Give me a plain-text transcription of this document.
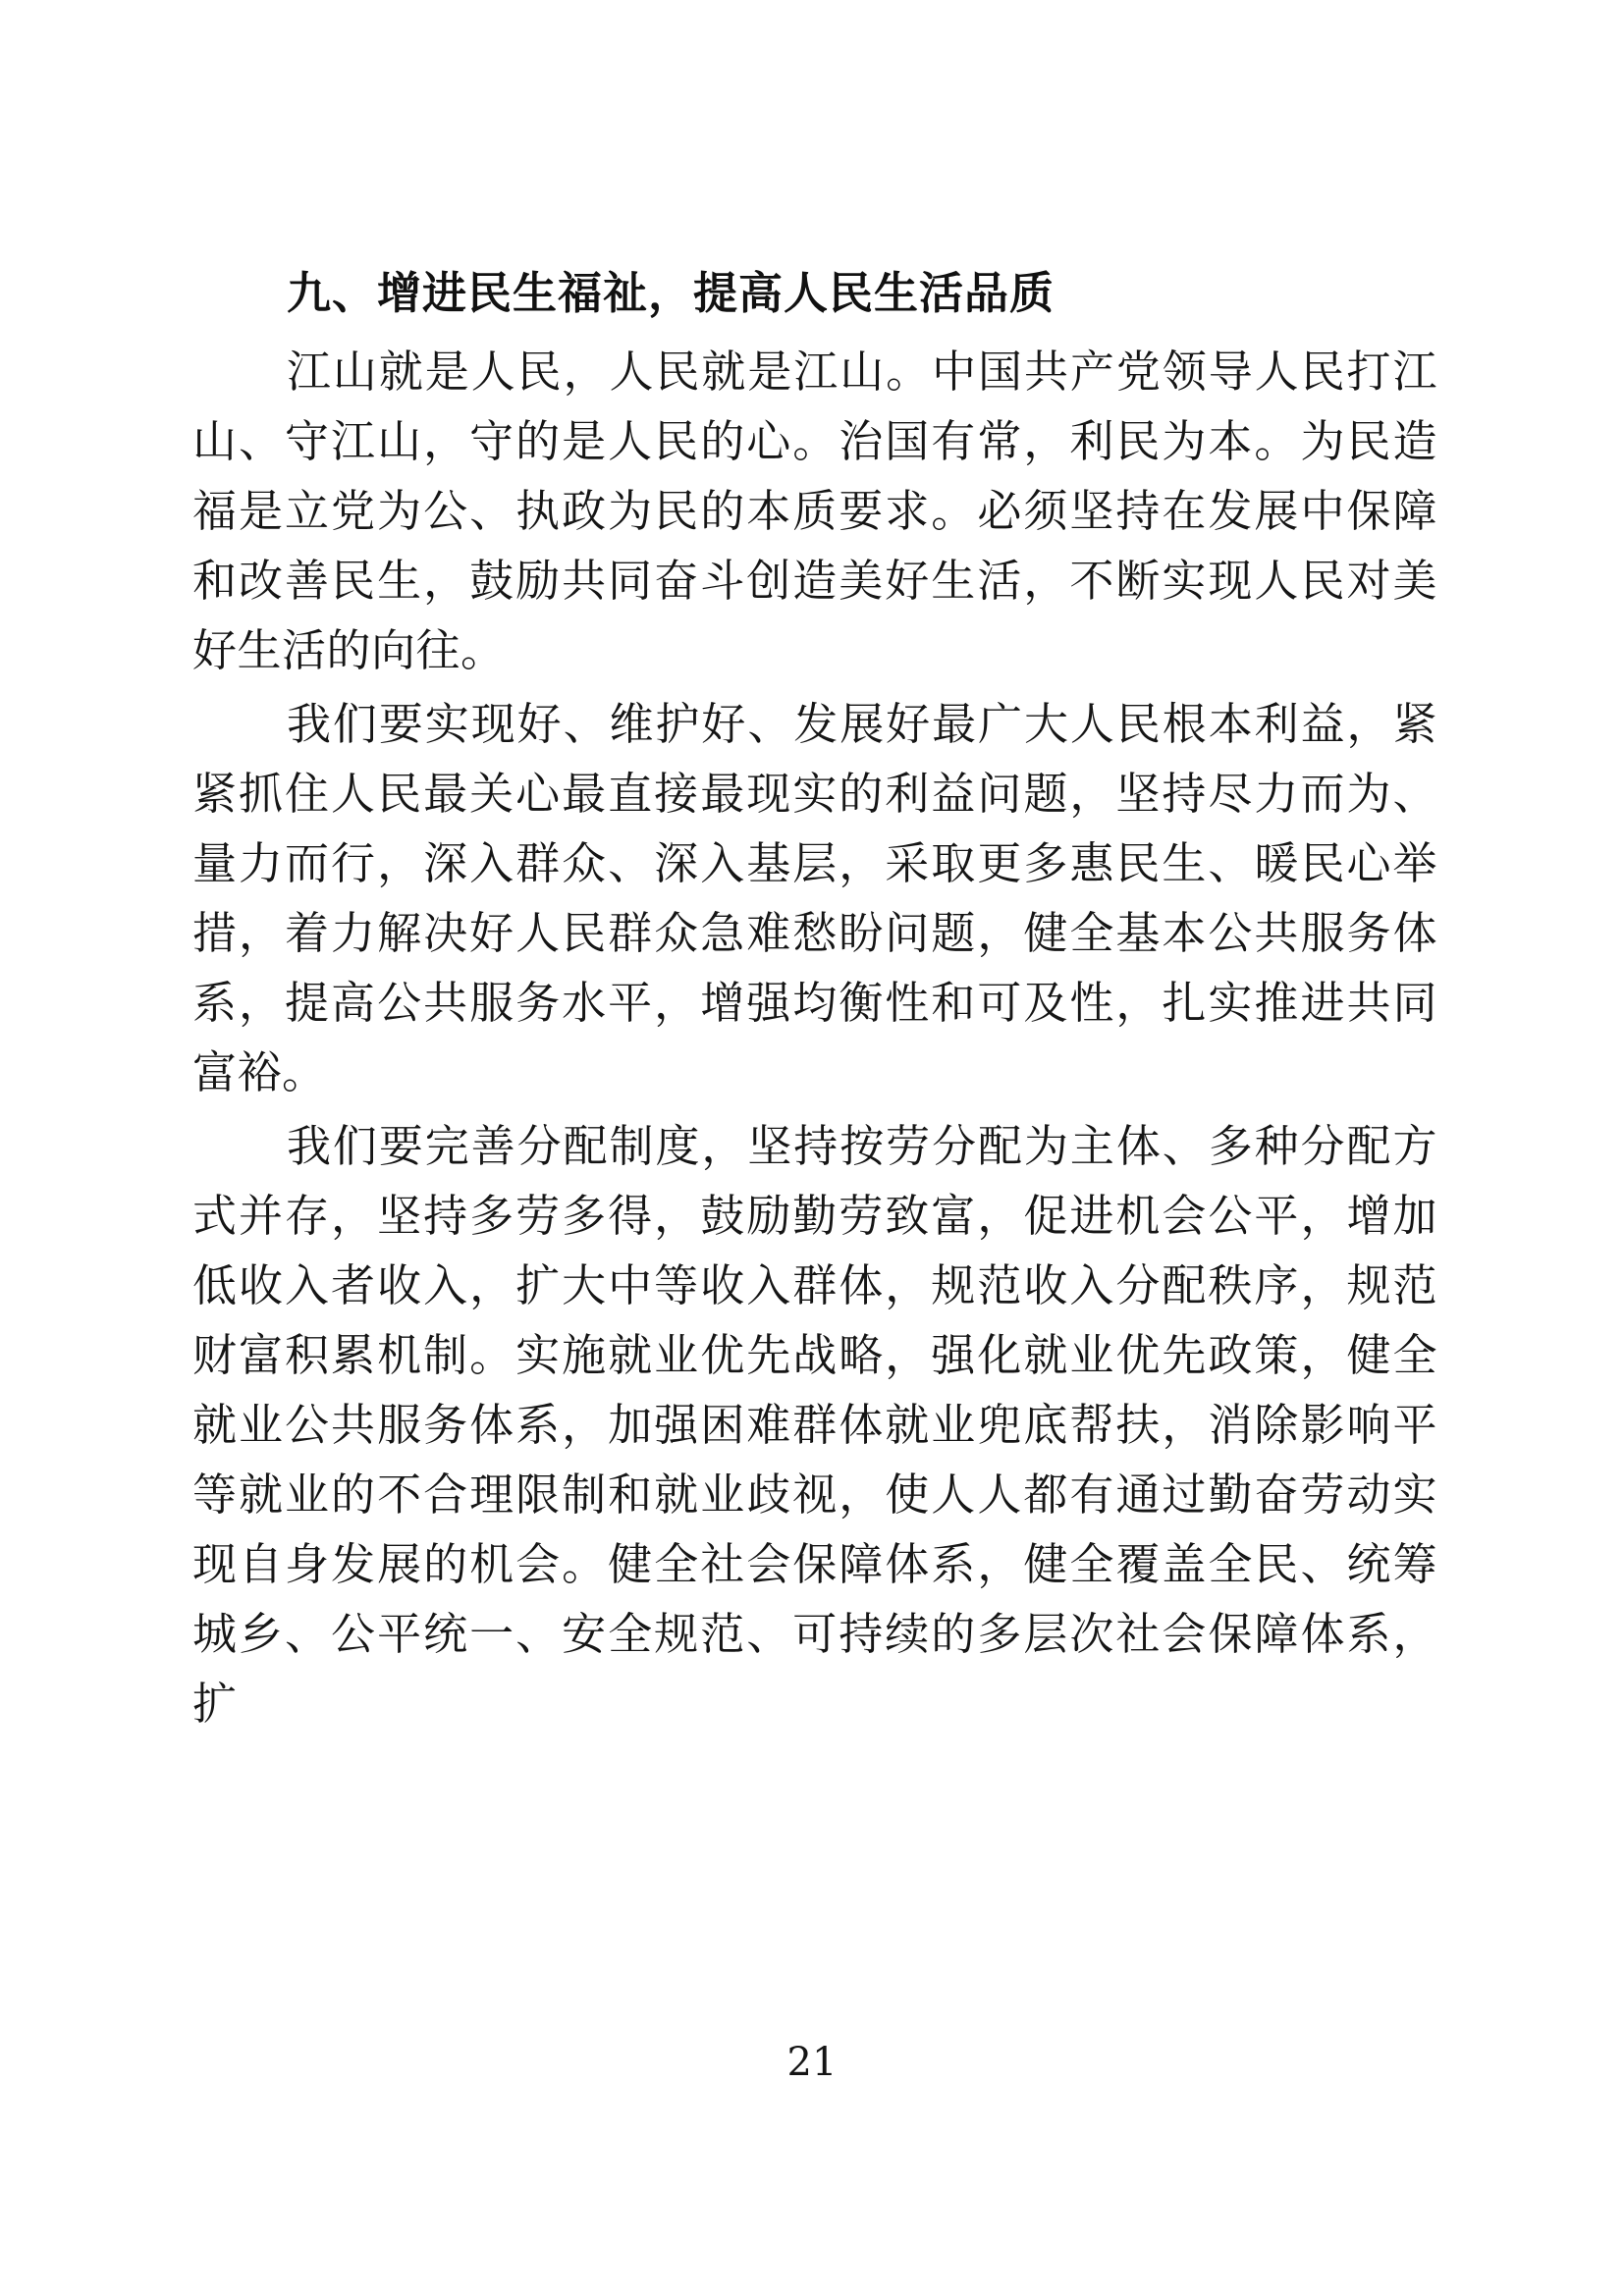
九、增进民生福祉，提高人民生活品质

江山就是人民，人民就是江山。中国共产党领导人民打江山、守江山，守的是人民的心。治国有常，利民为本。为民造福是立党为公、执政为民的本质要求。必须坚持在发展中保障和改善民生，鼓励共同奋斗创造美好生活，不断实现人民对美好生活的向往。

我们要实现好、维护好、发展好最广大人民根本利益，紧紧抓住人民最关心最直接最现实的利益问题，坚持尽力而为、量力而行，深入群众、深入基层，采取更多惠民生、暖民心举措，着力解决好人民群众急难愁盼问题，健全基本公共服务体系，提高公共服务水平，增强均衡性和可及性，扎实推进共同富裕。

我们要完善分配制度，坚持按劳分配为主体、多种分配方式并存，坚持多劳多得，鼓励勤劳致富，促进机会公平，增加低收入者收入，扩大中等收入群体，规范收入分配秩序，规范财富积累机制。实施就业优先战略，强化就业优先政策，健全就业公共服务体系，加强困难群体就业兜底帮扶，消除影响平等就业的不合理限制和就业歧视，使人人都有通过勤奋劳动实现自身发展的机会。健全社会保障体系，健全覆盖全民、统筹城乡、公平统一、安全规范、可持续的多层次社会保障体系，扩

21
